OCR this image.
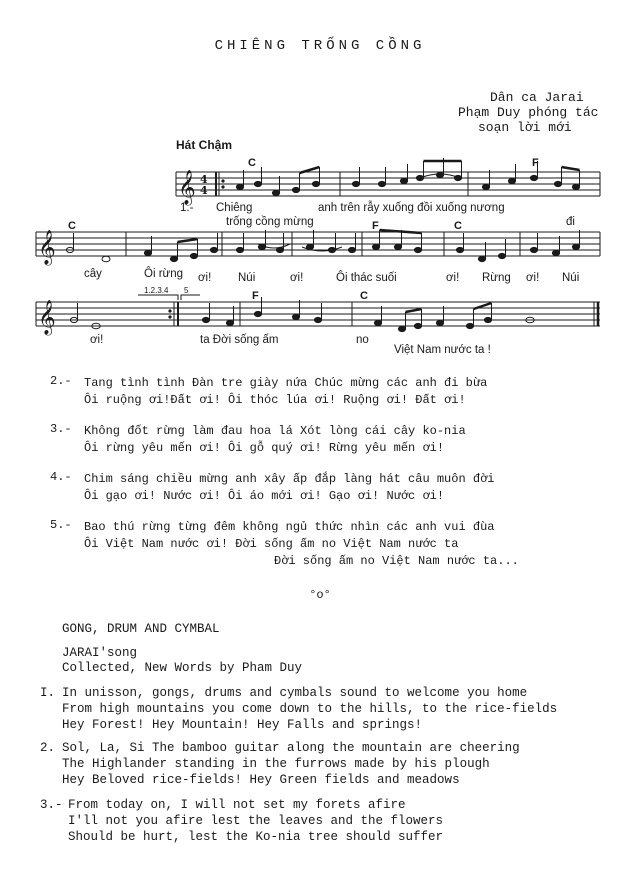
CHIÊNG TRỐNG CỒNG
Dân ca Jarai
Phạm Duy phóng tác
soạn lời mới
Hát Chậm
𝄞 4
4
𝄞
𝄞
C	F
C	F	C
F	C
1.2.3.4 5
1.- Chiêng	anh trên rẫy xuống đồi xuống nương
trống cồng mừng	đi
cây	Ôi rừng ơi! Núi	ơi!	Ôi thác suối	ơi! Rừng ơi! Núi
ơi!	ta Đời sống ấm	no
Việt Nam nước ta !
2.- Tang tình tình Đàn tre giày nứa Chúc mừng các anh đi bừa
Ôi ruộng ơi!Đất ơi! Ôi thóc lúa ơi! Ruộng ơi! Đất ơi!
3.- Không đốt rừng làm đau hoa lá Xót lòng cái cây ko-nia
Ôi rừng yêu mến ơi! Ôi gỗ quý ơi! Rừng yêu mến ơi!
4.- Chim sáng chiều mừng anh xây ấp đắp làng hát câu muôn đời
Ôi gạo ơi! Nước ơi! Ôi áo mới ơi! Gạo ơi! Nước ơi!
5.- Bao thú rừng từng đêm không ngủ thức nhìn các anh vui đùa
Ôi Việt Nam nước ơi! Đời sống ấm no Việt Nam nước ta
Đời sống ấm no Việt Nam nước ta...
°o°
GONG, DRUM AND CYMBAL
JARAI'song
Collected, New Words by Pham Duy
I. In unisson, gongs, drums and cymbals sound to welcome you home
From high mountains you come down to the hills, to the rice-fields
Hey Forest! Hey Mountain! Hey Falls and springs!
2. Sol, La, Si The bamboo guitar along the mountain are cheering
The Highlander standing in the furrows made by his plough
Hey Beloved rice-fields! Hey Green fields and meadows
3.- From today on, I will not set my forets afire
I'll not you afire lest the leaves and the flowers
Should be hurt, lest the Ko-nia tree should suffer
